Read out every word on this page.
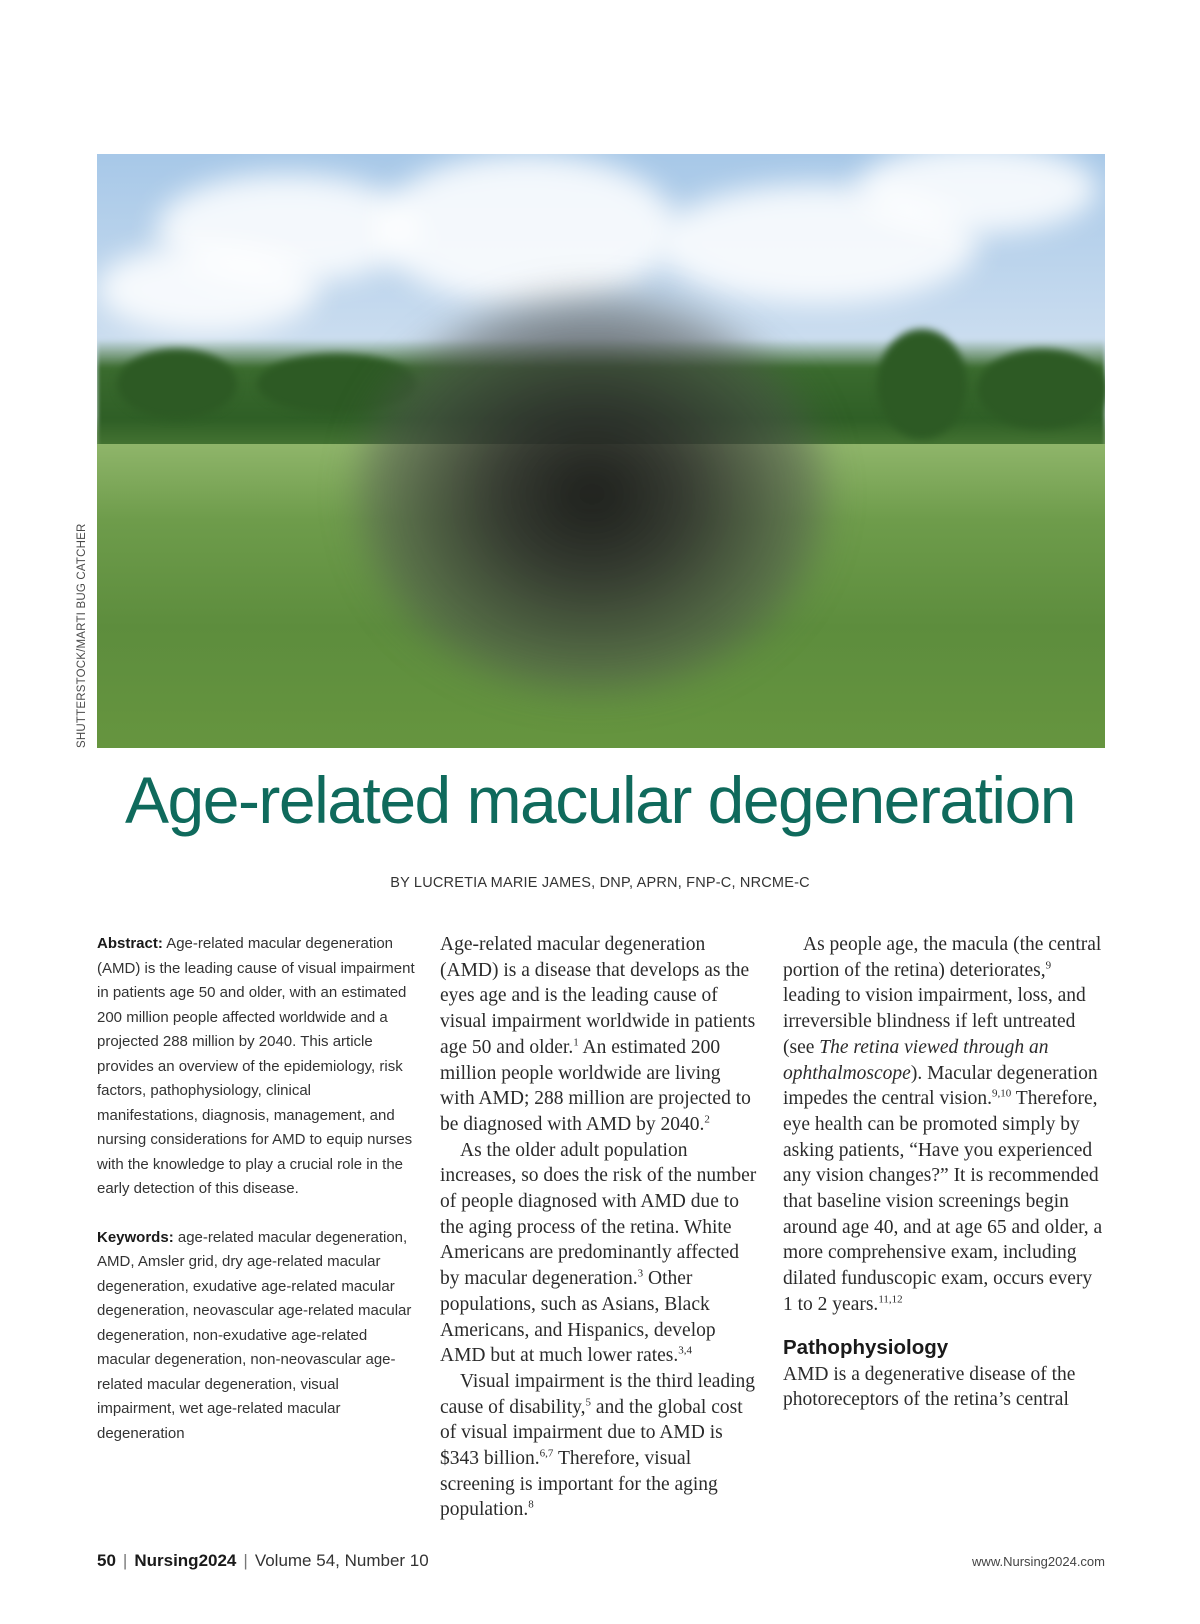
SHUTTERSTOCK/MARTI BUG CATCHER
Age-related macular degeneration
BY LUCRETIA MARIE JAMES, DNP, APRN, FNP-C, NRCME-C

Abstract: Age-related macular degeneration (AMD) is the leading cause of visual impairment in patients age 50 and older, with an estimated 200 million people affected worldwide and a projected 288 million by 2040. This article provides an overview of the epidemiology, risk factors, pathophysiology, clinical manifestations, diagnosis, management, and nursing considerations for AMD to equip nurses with the knowledge to play a crucial role in the early detection of this disease.

Keywords: age-related macular degeneration, AMD, Amsler grid, dry age-related macular degeneration, exudative age-related macular degeneration, neovascular age-related macular degeneration, non-exudative age-related macular degeneration, non-neovascular age-related macular degeneration, visual impairment, wet age-related macular degeneration

Age-related macular degeneration (AMD) is a disease that develops as the eyes age and is the leading cause of visual impairment worldwide in patients age 50 and older.$^1$ An estimated 200 million people worldwide are living with AMD; 288 million are projected to be diagnosed with AMD by 2040.$^2$

As the older adult population increases, so does the risk of the number of people diagnosed with AMD due to the aging process of the retina. White Americans are predominantly affected by macular degeneration.$^3$ Other populations, such as Asians, Black Americans, and Hispanics, develop AMD but at much lower rates.$^{3,4}$

Visual impairment is the third leading cause of disability,$^5$ and the global cost of visual impairment due to AMD is $343 billion.$^{6,7}$ Therefore, visual screening is important for the aging population.$^8$

As people age, the macula (the central portion of the retina) deteriorates,$^9$ leading to vision impairment, loss, and irreversible blindness if left untreated (see The retina viewed through an ophthalmoscope). Macular degeneration impedes the central vision.$^{9,10}$ Therefore, eye health can be promoted simply by asking patients, “Have you experienced any vision changes?” It is recommended that baseline vision screenings begin around age 40, and at age 65 and older, a more comprehensive exam, including dilated funduscopic exam, occurs every 1 to 2 years.$^{11,12}$

Pathophysiology

AMD is a degenerative disease of the photoreceptors of the retina’s central

50 | Nursing2024 | Volume 54, Number 10	www.Nursing2024.com
